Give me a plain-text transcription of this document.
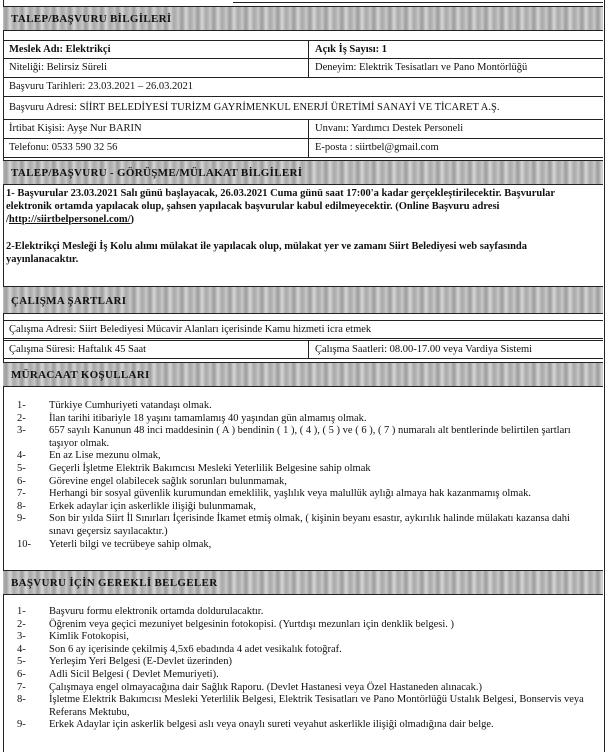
TALEP/BAŞVURU BİLGİLERİ
Meslek Adı: Elektrikçi	Açık İş Sayısı: 1
Niteliği: Belirsiz Süreli	Deneyim: Elektrik Tesisatları ve Pano Montörlüğü
Başvuru Tarihleri: 23.03.2021 – 26.03.2021
Başvuru Adresi: SİİRT BELEDİYESİ TURİZM GAYRİMENKUL ENERJİ ÜRETİMİ SANAYİ VE TİCARET A.Ş.
İrtibat Kişisi: Ayşe Nur BARIN	Unvanı: Yardımcı Destek Personeli
Telefonu: 0533 590 32 56	E-posta : siirtbel@gmail.com
TALEP/BAŞVURU - GÖRÜŞME/MÜLAKAT BİLGİLERİ
1- Başvurular 23.03.2021 Salı günü başlayacak, 26.03.2021 Cuma günü saat 17:00'a kadar gerçekleştirilecektir. Başvurular elektronik ortamda yapılacak olup, şahsen yapılacak başvurular kabul edilmeyecektir. (Online Başvuru adresi /http://siirtbelpersonel.com/)
2-Elektrikçi Mesleği İş Kolu alımı mülakat ile yapılacak olup, mülakat yer ve zamanı Siirt Belediyesi web sayfasında yayınlanacaktır.
ÇALIŞMA ŞARTLARI
Çalışma Adresi: Siirt Belediyesi Mücavir Alanları içerisinde Kamu hizmeti icra etmek
Çalışma Süresi: Haftalık 45 Saat	Çalışma Saatleri: 08.00-17.00 veya Vardiya Sistemi
MÜRACAAT KOŞULLARI
1- Türkiye Cumhuriyeti vatandaşı olmak.
2- İlan tarihi itibariyle 18 yaşını tamamlamış 40 yaşından gün almamış olmak.
3- 657 sayılı Kanunun 48 inci maddesinin ( A ) bendinin ( 1 ), ( 4 ), ( 5 ) ve ( 6 ), ( 7 ) numaralı alt bentlerinde belirtilen şartları taşıyor olmak.
4- En az Lise mezunu olmak,
5- Geçerli İşletme Elektrik Bakımcısı Mesleki Yeterlilik Belgesine sahip olmak
6- Görevine engel olabilecek sağlık sorunları bulunmamak,
7- Herhangi bir sosyal güvenlik kurumundan emeklilik, yaşlılık veya malullük aylığı almaya hak kazanmamış olmak.
8- Erkek adaylar için askerlikle ilişiği bulunmamak,
9- Son bir yılda Siirt İl Sınırları İçerisinde İkamet etmiş olmak, ( kişinin beyanı esastır, aykırılık halinde mülakatı kazansa dahi sınavı geçersiz sayılacaktır.)
10- Yeterli bilgi ve tecrübeye sahip olmak,
BAŞVURU İÇİN GEREKLİ BELGELER
1- Başvuru formu elektronik ortamda doldurulacaktır.
2- Öğrenim veya geçici mezuniyet belgesinin fotokopisi. (Yurtdışı mezunları için denklik belgesi. )
3- Kimlik Fotokopisi,
4- Son 6 ay içerisinde çekilmiş 4,5x6 ebadında 4 adet vesikalık fotoğraf.
5- Yerleşim Yeri Belgesi (E-Devlet üzerinden)
6- Adli Sicil Belgesi ( Devlet Memuriyeti).
7- Çalışmaya engel olmayacağına dair Sağlık Raporu. (Devlet Hastanesi veya Özel Hastaneden alınacak.)
8- İşletme Elektrik Bakımcısı Mesleki Yeterlilik Belgesi, Elektrik Tesisatları ve Pano Montörlüğü Ustalık Belgesi, Bonservis veya Referans Mektubu,
9- Erkek Adaylar için askerlik belgesi aslı veya onaylı sureti veyahut askerlikle ilişiği olmadığına dair belge.
